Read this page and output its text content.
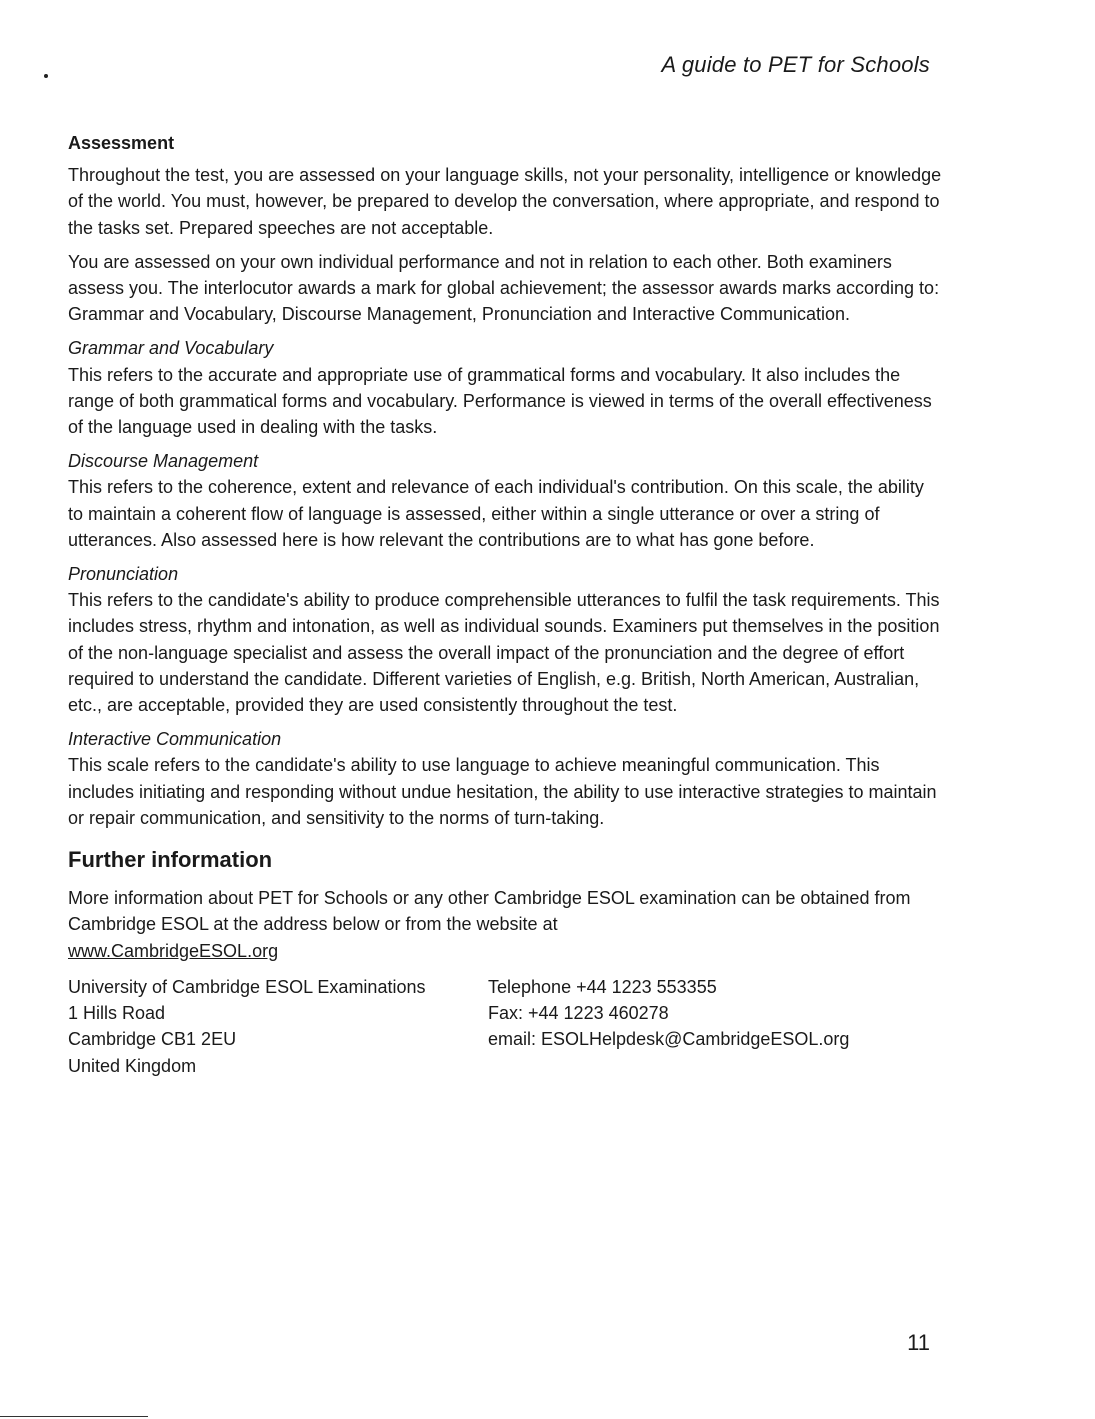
A guide to PET for Schools
Assessment

Throughout the test, you are assessed on your language skills, not your personality, intelligence or knowledge of the world. You must, however, be prepared to develop the conversation, where appropriate, and respond to the tasks set. Prepared speeches are not acceptable.

You are assessed on your own individual performance and not in relation to each other. Both examiners assess you. The interlocutor awards a mark for global achievement; the assessor awards marks according to: Grammar and Vocabulary, Discourse Management, Pronunciation and Interactive Communication.

Grammar and Vocabulary
This refers to the accurate and appropriate use of grammatical forms and vocabulary. It also includes the range of both grammatical forms and vocabulary. Performance is viewed in terms of the overall effectiveness of the language used in dealing with the tasks.
Discourse Management
This refers to the coherence, extent and relevance of each individual's contribution. On this scale, the ability to maintain a coherent flow of language is assessed, either within a single utterance or over a string of utterances. Also assessed here is how relevant the contributions are to what has gone before.
Pronunciation
This refers to the candidate's ability to produce comprehensible utterances to fulfil the task requirements. This includes stress, rhythm and intonation, as well as individual sounds. Examiners put themselves in the position of the non-language specialist and assess the overall impact of the pronunciation and the degree of effort required to understand the candidate. Different varieties of English, e.g. British, North American, Australian, etc., are acceptable, provided they are used consistently throughout the test.
Interactive Communication
This scale refers to the candidate's ability to use language to achieve meaningful communication. This includes initiating and responding without undue hesitation, the ability to use interactive strategies to maintain or repair communication, and sensitivity to the norms of turn-taking.
Further information

More information about PET for Schools or any other Cambridge ESOL examination can be obtained from Cambridge ESOL at the address below or from the website at
www.CambridgeESOL.org

University of Cambridge ESOL Examinations
1 Hills Road
Cambridge CB1 2EU
United Kingdom
Telephone +44 1223 553355
Fax: +44 1223 460278
email: ESOLHelpdesk@CambridgeESOL.org
11
